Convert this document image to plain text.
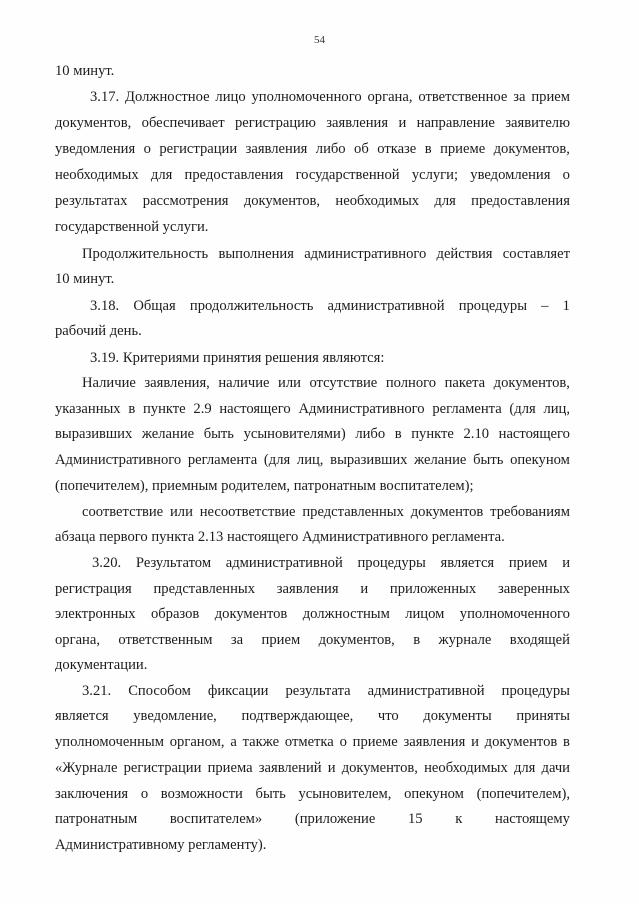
54
10 минут.
3.17. Должностное лицо уполномоченного органа, ответственное за прием
документов, обеспечивает регистрацию заявления и направление заявителю
уведомления о регистрации заявления либо об отказе в приеме документов,
необходимых для предоставления государственной услуги; уведомления о
результатах рассмотрения документов, необходимых для предоставления
государственной услуги.
Продолжительность выполнения административного действия составляет
10 минут.
3.18. Общая продолжительность административной процедуры – 1
рабочий день.
3.19. Критериями принятия решения являются:
Наличие заявления, наличие или отсутствие полного пакета документов,
указанных в пункте 2.9 настоящего Административного регламента (для лиц,
выразивших желание быть усыновителями) либо в пункте 2.10 настоящего
Административного регламента (для лиц, выразивших желание быть опекуном
(попечителем), приемным родителем, патронатным воспитателем);
соответствие или несоответствие представленных документов требованиям
абзаца первого пункта 2.13 настоящего Административного регламента.
3.20. Результатом административной процедуры является прием и
регистрация представленных заявления и приложенных заверенных
электронных образов документов должностным лицом уполномоченного
органа, ответственным за прием документов, в журнале входящей
документации.
3.21. Способом фиксации результата административной процедуры
является уведомление, подтверждающее, что документы приняты
уполномоченным органом, а также отметка о приеме заявления и документов в
«Журнале регистрации приема заявлений и документов, необходимых для дачи
заключения о возможности быть усыновителем, опекуном (попечителем),
патронатным воспитателем» (приложение 15 к настоящему
Административному регламенту).
